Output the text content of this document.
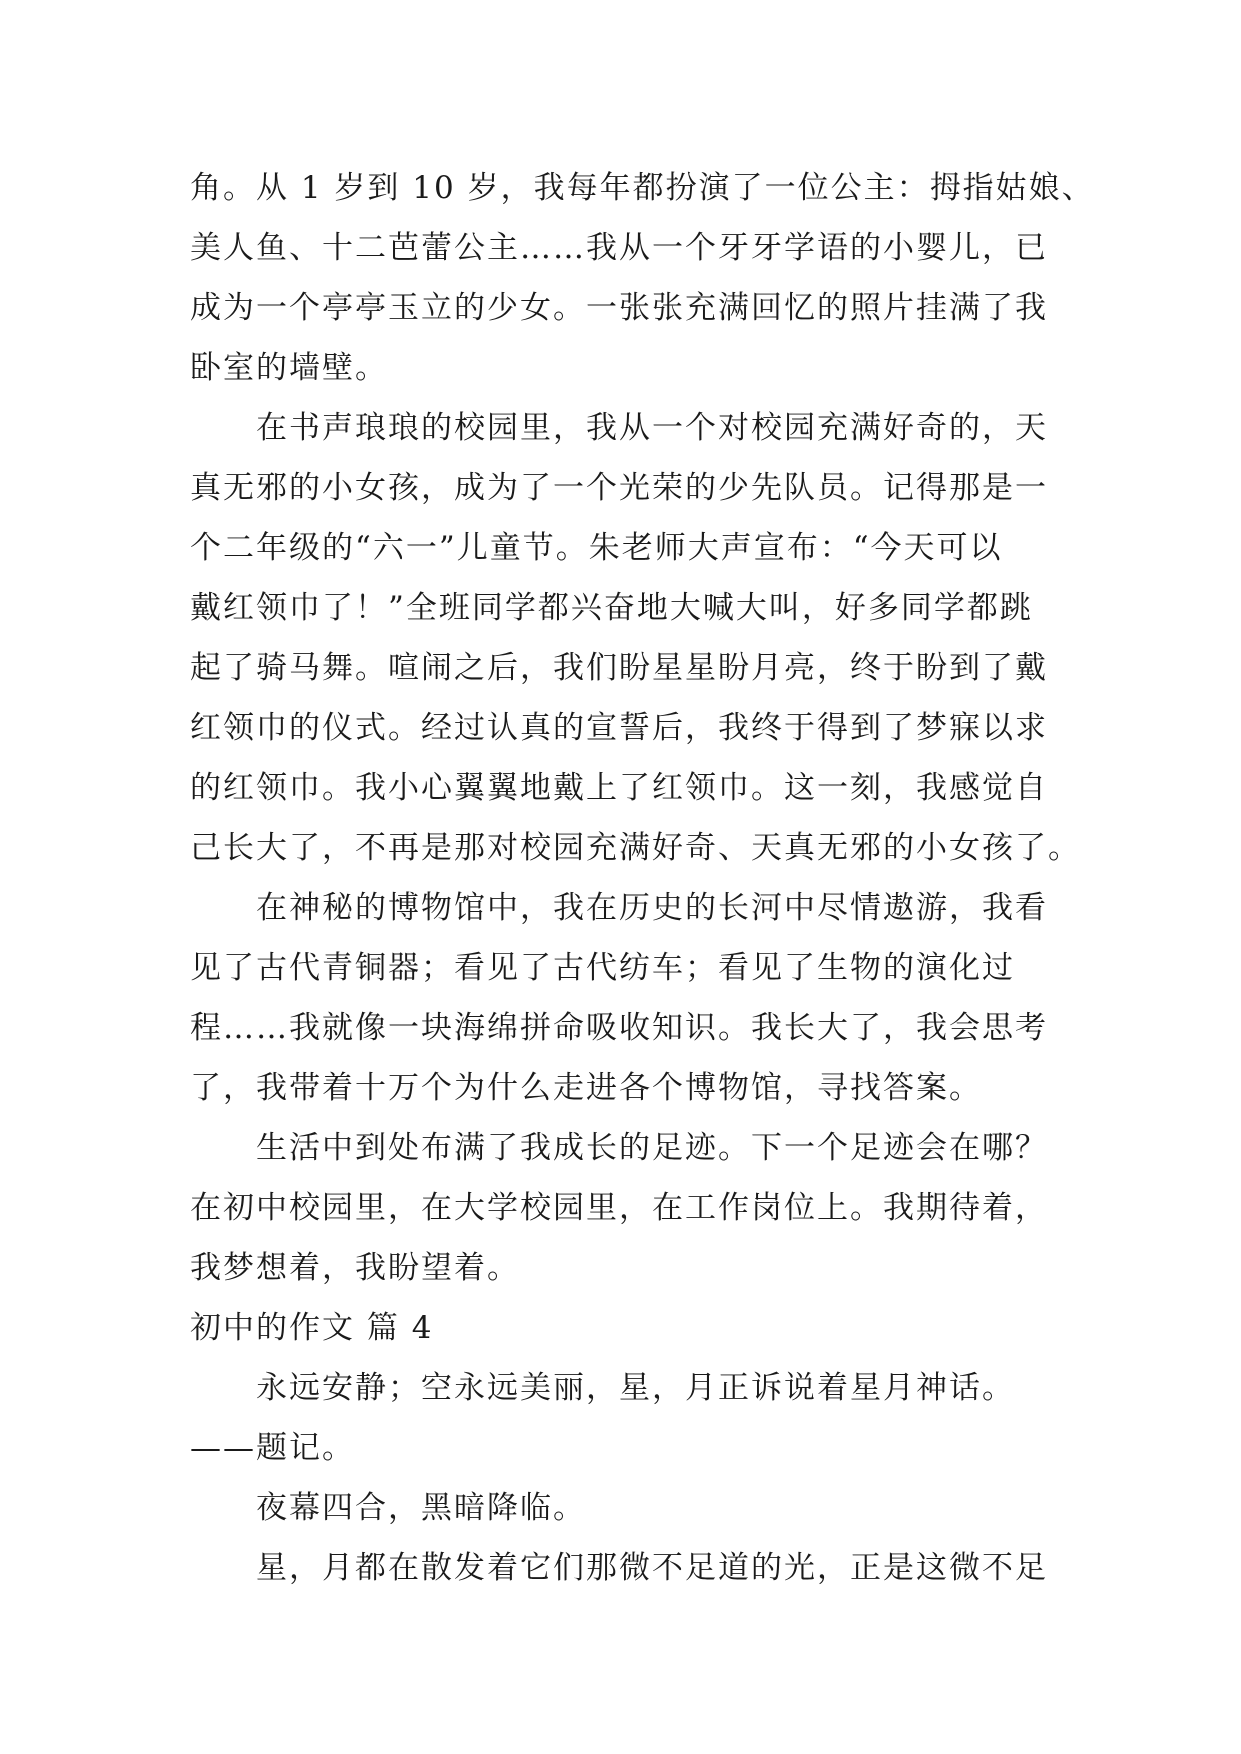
角。从 1 岁到 10 岁，我每年都扮演了一位公主：拇指姑娘、
美人鱼、十二芭蕾公主……我从一个牙牙学语的小婴儿，已
成为一个亭亭玉立的少女。一张张充满回忆的照片挂满了我
卧室的墙壁。
在书声琅琅的校园里，我从一个对校园充满好奇的，天
真无邪的小女孩，成为了一个光荣的少先队员。记得那是一
个二年级的“六一”儿童节。朱老师大声宣布：“今天可以
戴红领巾了！”全班同学都兴奋地大喊大叫，好多同学都跳
起了骑马舞。喧闹之后，我们盼星星盼月亮，终于盼到了戴
红领巾的仪式。经过认真的宣誓后，我终于得到了梦寐以求
的红领巾。我小心翼翼地戴上了红领巾。这一刻，我感觉自
己长大了，不再是那对校园充满好奇、天真无邪的小女孩了。
在神秘的博物馆中，我在历史的长河中尽情遨游，我看
见了古代青铜器；看见了古代纺车；看见了生物的演化过
程……我就像一块海绵拼命吸收知识。我长大了，我会思考
了，我带着十万个为什么走进各个博物馆，寻找答案。
生活中到处布满了我成长的足迹。下一个足迹会在哪？
在初中校园里，在大学校园里，在工作岗位上。我期待着，
我梦想着，我盼望着。
初中的作文 篇 4
永远安静；空永远美丽，星，月正诉说着星月神话。
——题记。
夜幕四合，黑暗降临。
星，月都在散发着它们那微不足道的光，正是这微不足
